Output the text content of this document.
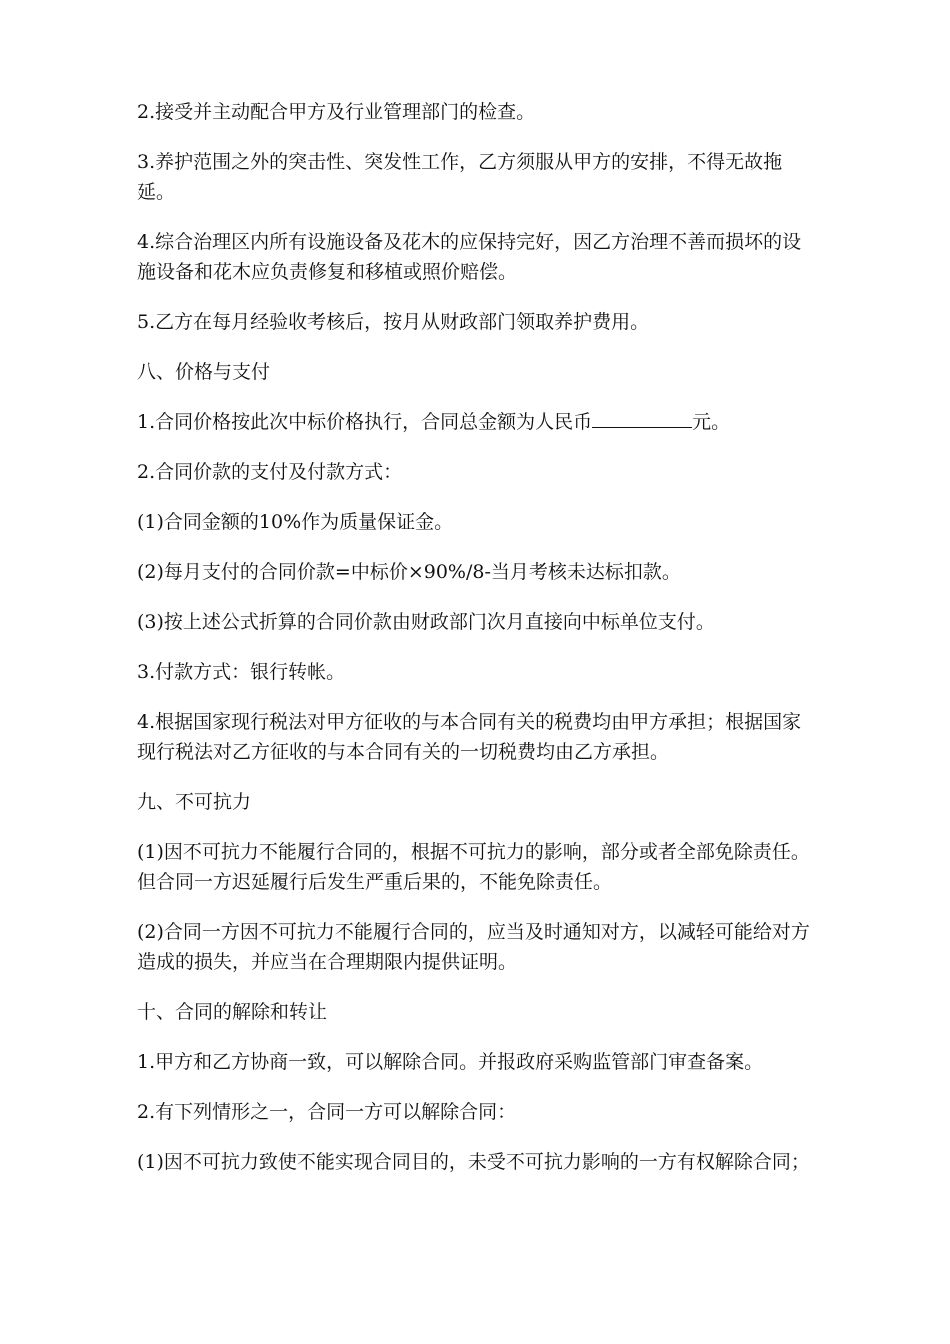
2.接受并主动配合甲方及行业管理部门的检查。

3.养护范围之外的突击性、突发性工作，乙方须服从甲方的安排，不得无故拖延。

4.综合治理区内所有设施设备及花木的应保持完好，因乙方治理不善而损坏的设施设备和花木应负责修复和移植或照价赔偿。

5.乙方在每月经验收考核后，按月从财政部门领取养护费用。

八、价格与支付

1.合同价格按此次中标价格执行，合同总金额为人民币	元。

2.合同价款的支付及付款方式：

(1)合同金额的10%作为质量保证金。

(2)每月支付的合同价款=中标价×90%/8-当月考核未达标扣款。

(3)按上述公式折算的合同价款由财政部门次月直接向中标单位支付。

3.付款方式：银行转帐。

4.根据国家现行税法对甲方征收的与本合同有关的税费均由甲方承担；根据国家现行税法对乙方征收的与本合同有关的一切税费均由乙方承担。

九、不可抗力

(1)因不可抗力不能履行合同的，根据不可抗力的影响，部分或者全部免除责任。但合同一方迟延履行后发生严重后果的，不能免除责任。

(2)合同一方因不可抗力不能履行合同的，应当及时通知对方，以减轻可能给对方造成的损失，并应当在合理期限内提供证明。

十、合同的解除和转让

1.甲方和乙方协商一致，可以解除合同。并报政府采购监管部门审查备案。

2.有下列情形之一，合同一方可以解除合同：

(1)因不可抗力致使不能实现合同目的，未受不可抗力影响的一方有权解除合同；
